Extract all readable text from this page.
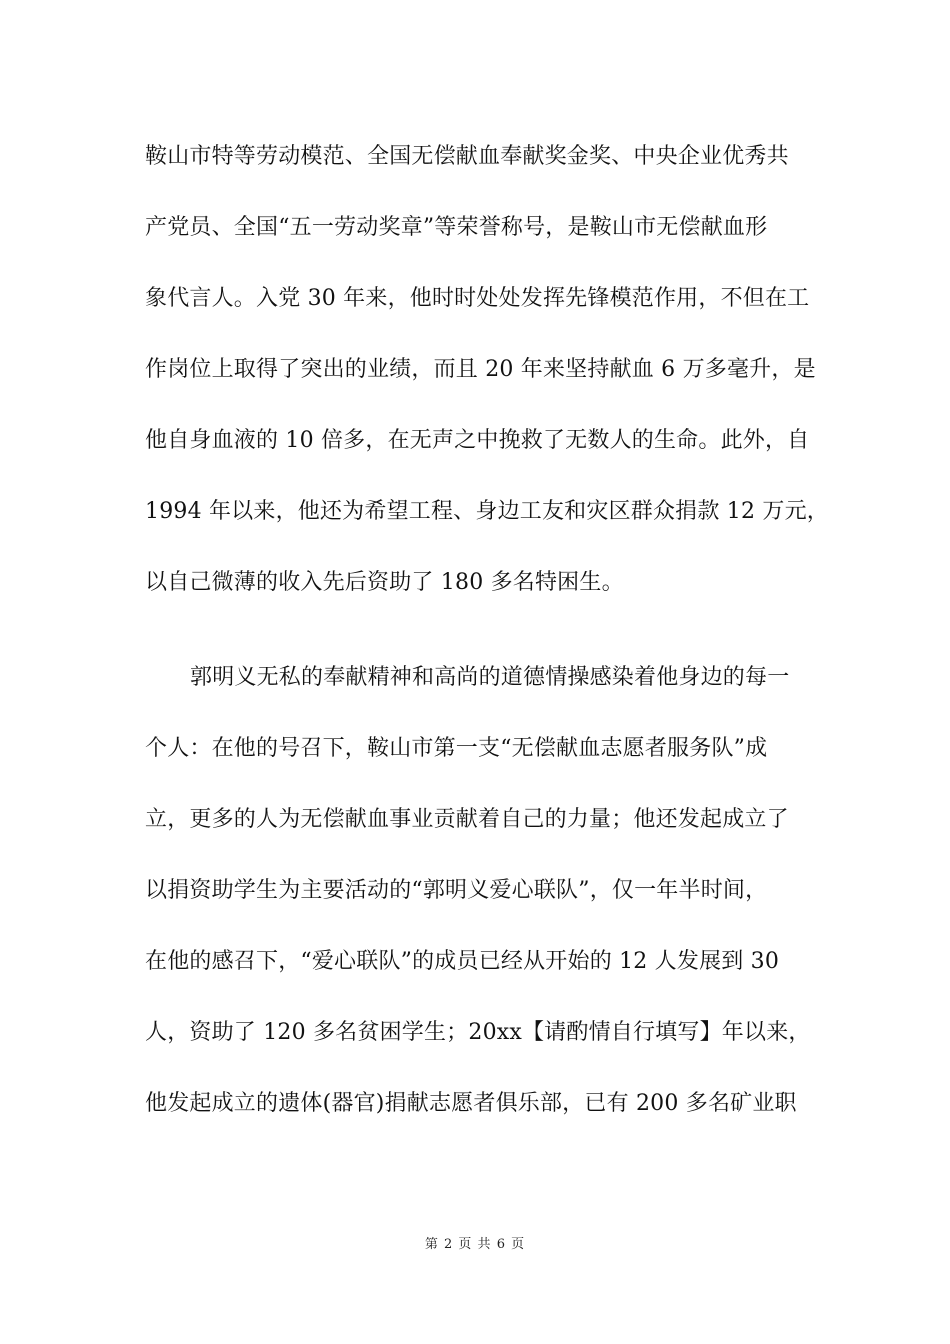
鞍山市特等劳动模范、全国无偿献血奉献奖金奖、中央企业优秀共
产党员、全国“五一劳动奖章”等荣誉称号，是鞍山市无偿献血形
象代言人。入党 30 年来，他时时处处发挥先锋模范作用，不但在工
作岗位上取得了突出的业绩，而且 20 年来坚持献血 6 万多毫升，是
他自身血液的 10 倍多，在无声之中挽救了无数人的生命。此外，自
1994 年以来，他还为希望工程、身边工友和灾区群众捐款 12 万元，
以自己微薄的收入先后资助了 180 多名特困生。
郭明义无私的奉献精神和高尚的道德情操感染着他身边的每一
个人：在他的号召下，鞍山市第一支“无偿献血志愿者服务队”成
立，更多的人为无偿献血事业贡献着自己的力量；他还发起成立了
以捐资助学生为主要活动的“郭明义爱心联队”，仅一年半时间，
在他的感召下，“爱心联队”的成员已经从开始的 12 人发展到 30
人，资助了 120 多名贫困学生；20xx【请酌情自行填写】年以来，
他发起成立的遗体(器官)捐献志愿者俱乐部，已有 200 多名矿业职
第 2 页 共 6 页
